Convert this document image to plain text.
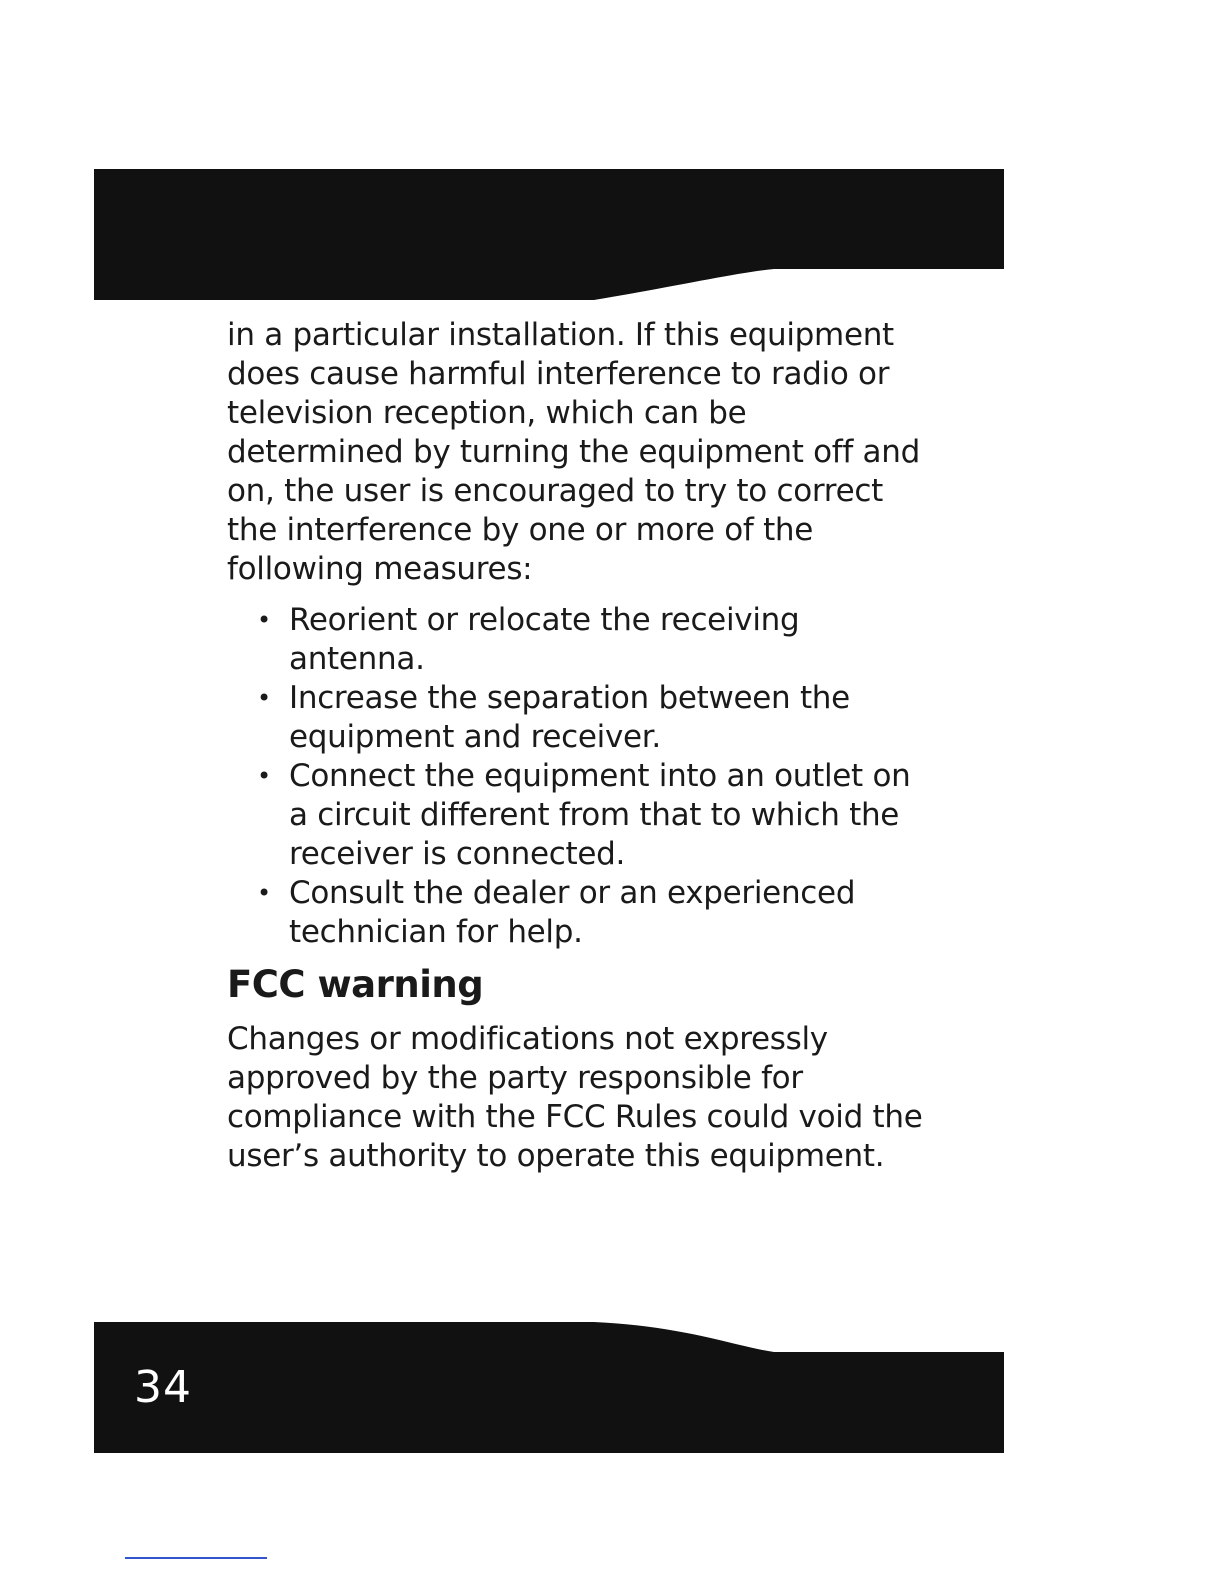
in a particular installation. If this equipment does cause harmful interference to radio or television reception, which can be determined by turning the equipment off and on, the user is encouraged to try to correct the interference by one or more of the following measures:

• Reorient or relocate the receiving antenna.
• Increase the separation between the equipment and receiver.
• Connect the equipment into an outlet on a circuit different from that to which the receiver is connected.
• Consult the dealer or an experienced technician for help.
FCC warning

Changes or modifications not expressly approved by the party responsible for compliance with the FCC Rules could void the user’s authority to operate this equipment.

34
